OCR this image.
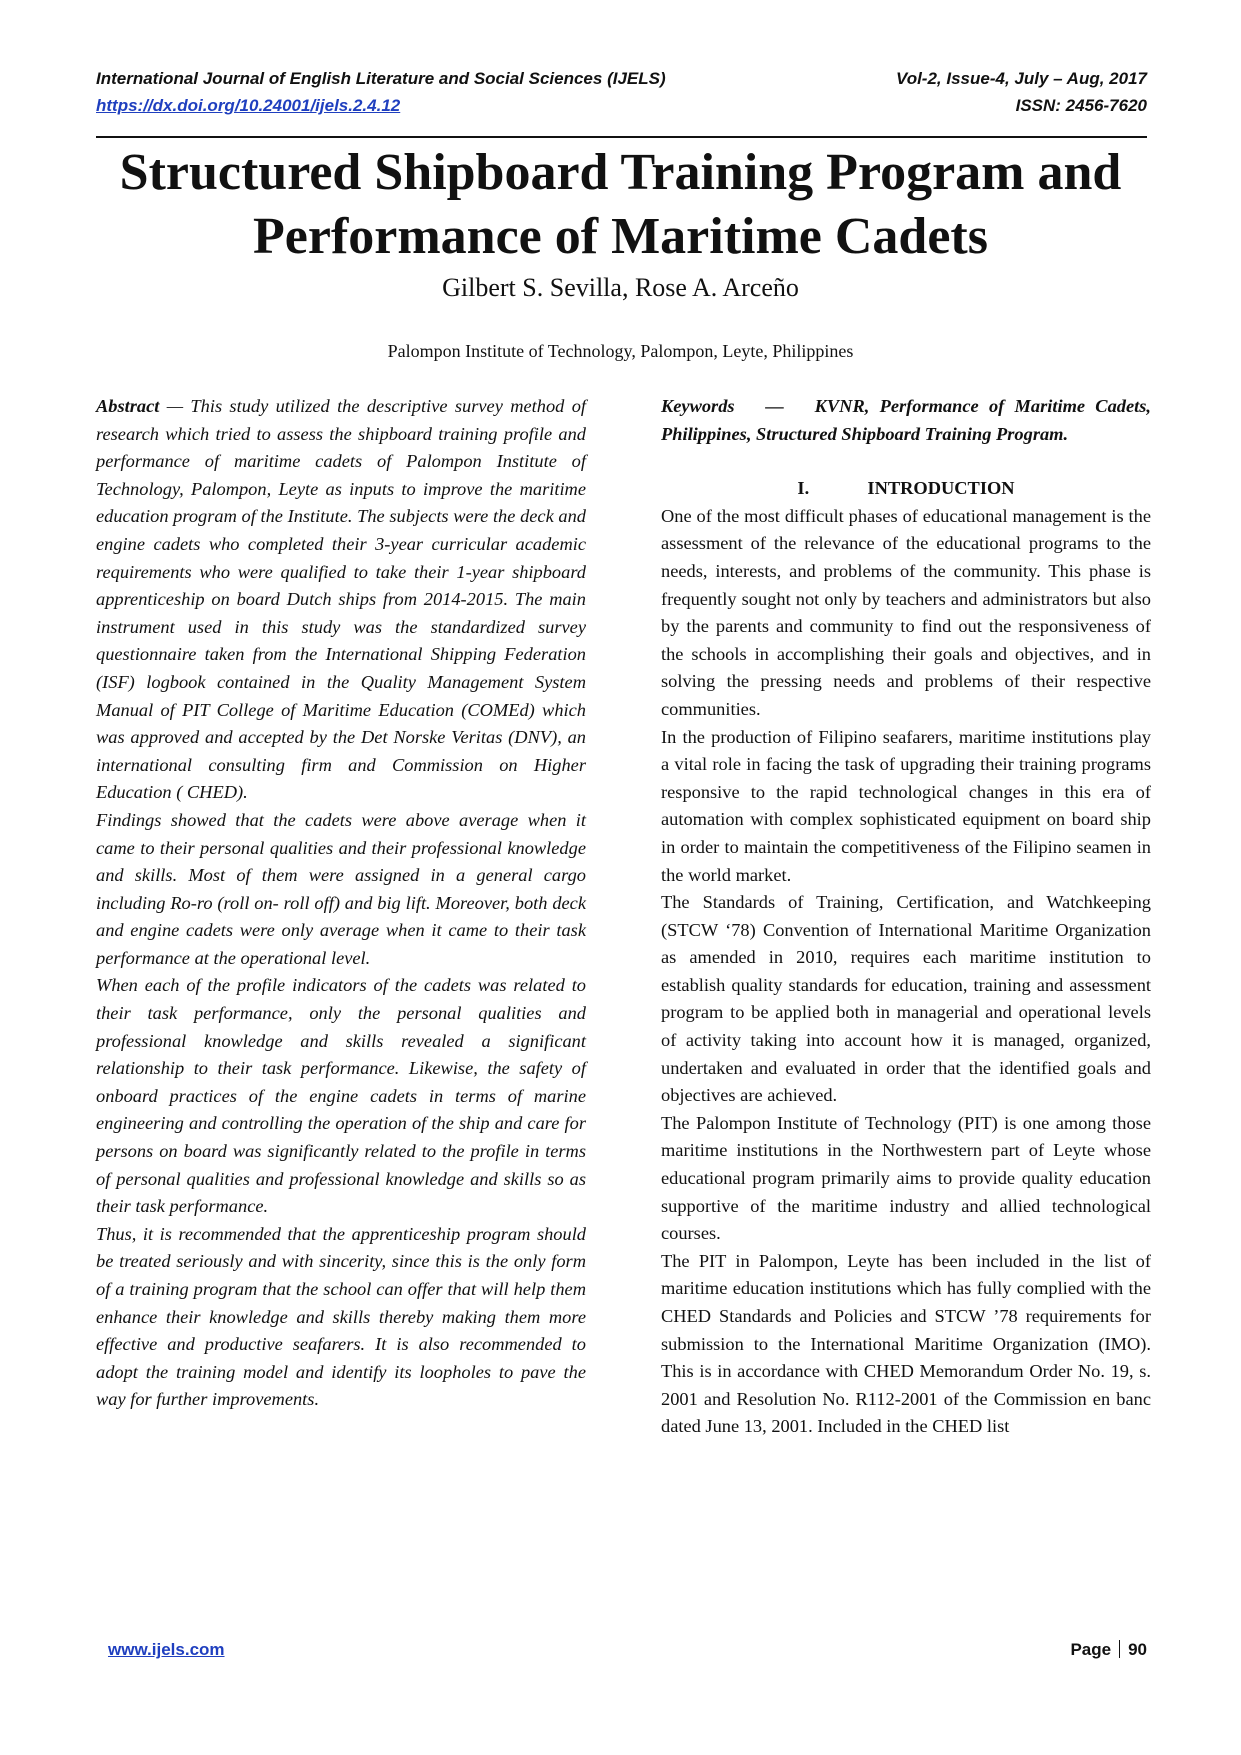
International Journal of English Literature and Social Sciences (IJELS)	Vol-2, Issue-4, July – Aug, 2017
https://dx.doi.org/10.24001/ijels.2.4.12	ISSN: 2456-7620
Structured Shipboard Training Program and Performance of Maritime Cadets
Gilbert S. Sevilla, Rose A. Arceño
Palompon Institute of Technology, Palompon, Leyte, Philippines

Abstract — This study utilized the descriptive survey method of research which tried to assess the shipboard training profile and performance of maritime cadets of Palompon Institute of Technology, Palompon, Leyte as inputs to improve the maritime education program of the Institute. The subjects were the deck and engine cadets who completed their 3-year curricular academic requirements who were qualified to take their 1-year shipboard apprenticeship on board Dutch ships from 2014-2015. The main instrument used in this study was the standardized survey questionnaire taken from the International Shipping Federation (ISF) logbook contained in the Quality Management System Manual of PIT College of Maritime Education (COMEd) which was approved and accepted by the Det Norske Veritas (DNV), an international consulting firm and Commission on Higher Education ( CHED).

Findings showed that the cadets were above average when it came to their personal qualities and their professional knowledge and skills. Most of them were assigned in a general cargo including Ro-ro (roll on- roll off) and big lift. Moreover, both deck and engine cadets were only average when it came to their task performance at the operational level.

When each of the profile indicators of the cadets was related to their task performance, only the personal qualities and professional knowledge and skills revealed a significant relationship to their task performance. Likewise, the safety of onboard practices of the engine cadets in terms of marine engineering and controlling the operation of the ship and care for persons on board was significantly related to the profile in terms of personal qualities and professional knowledge and skills so as their task performance.

Thus, it is recommended that the apprenticeship program should be treated seriously and with sincerity, since this is the only form of a training program that the school can offer that will help them enhance their knowledge and skills thereby making them more effective and productive seafarers. It is also recommended to adopt the training model and identify its loopholes to pave the way for further improvements.

Keywords — KVNR, Performance of Maritime Cadets, Philippines, Structured Shipboard Training Program.

I.	INTRODUCTION

One of the most difficult phases of educational management is the assessment of the relevance of the educational programs to the needs, interests, and problems of the community. This phase is frequently sought not only by teachers and administrators but also by the parents and community to find out the responsiveness of the schools in accomplishing their goals and objectives, and in solving the pressing needs and problems of their respective communities.

In the production of Filipino seafarers, maritime institutions play a vital role in facing the task of upgrading their training programs responsive to the rapid technological changes in this era of automation with complex sophisticated equipment on board ship in order to maintain the competitiveness of the Filipino seamen in the world market.

The Standards of Training, Certification, and Watchkeeping (STCW ‘78) Convention of International Maritime Organization as amended in 2010, requires each maritime institution to establish quality standards for education, training and assessment program to be applied both in managerial and operational levels of activity taking into account how it is managed, organized, undertaken and evaluated in order that the identified goals and objectives are achieved.

The Palompon Institute of Technology (PIT) is one among those maritime institutions in the Northwestern part of Leyte whose educational program primarily aims to provide quality education supportive of the maritime industry and allied technological courses.

The PIT in Palompon, Leyte has been included in the list of maritime education institutions which has fully complied with the CHED Standards and Policies and STCW ’78 requirements for submission to the International Maritime Organization (IMO). This is in accordance with CHED Memorandum Order No. 19, s. 2001 and Resolution No. R112-2001 of the Commission en banc dated June 13, 2001. Included in the CHED list

www.ijels.com	Page 90
